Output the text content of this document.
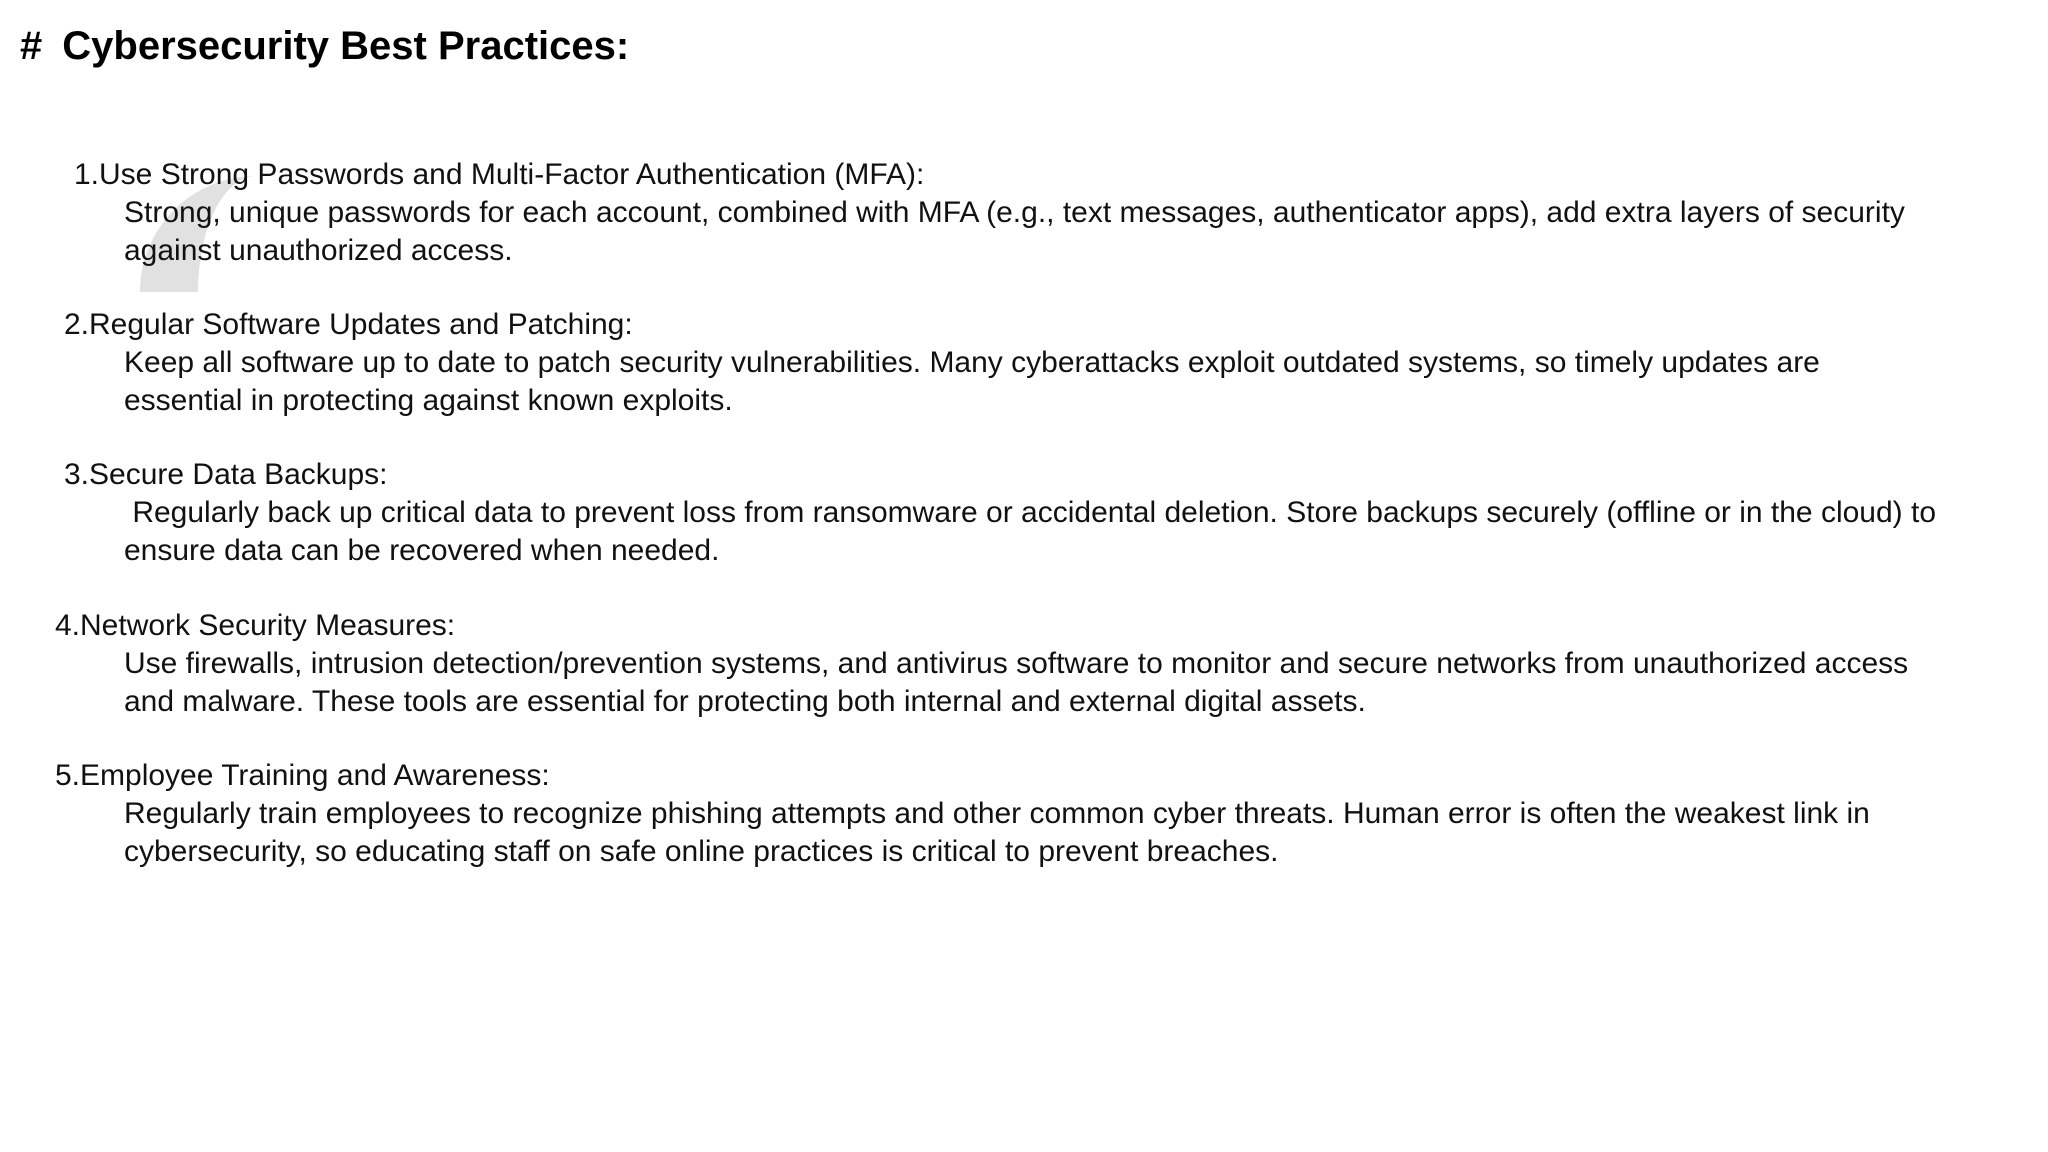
# Cybersecurity Best Practices:
1.Use Strong Passwords and Multi-Factor Authentication (MFA):
Strong, unique passwords for each account, combined with MFA (e.g., text messages, authenticator apps), add extra layers of security
against unauthorized access.
2.Regular Software Updates and Patching:
Keep all software up to date to patch security vulnerabilities. Many cyberattacks exploit outdated systems, so timely updates are
essential in protecting against known exploits.
3.Secure Data Backups:
Regularly back up critical data to prevent loss from ransomware or accidental deletion. Store backups securely (offline or in the cloud) to
ensure data can be recovered when needed.
4.Network Security Measures:
Use firewalls, intrusion detection/prevention systems, and antivirus software to monitor and secure networks from unauthorized access
and malware. These tools are essential for protecting both internal and external digital assets.
5.Employee Training and Awareness:
Regularly train employees to recognize phishing attempts and other common cyber threats. Human error is often the weakest link in
cybersecurity, so educating staff on safe online practices is critical to prevent breaches.
